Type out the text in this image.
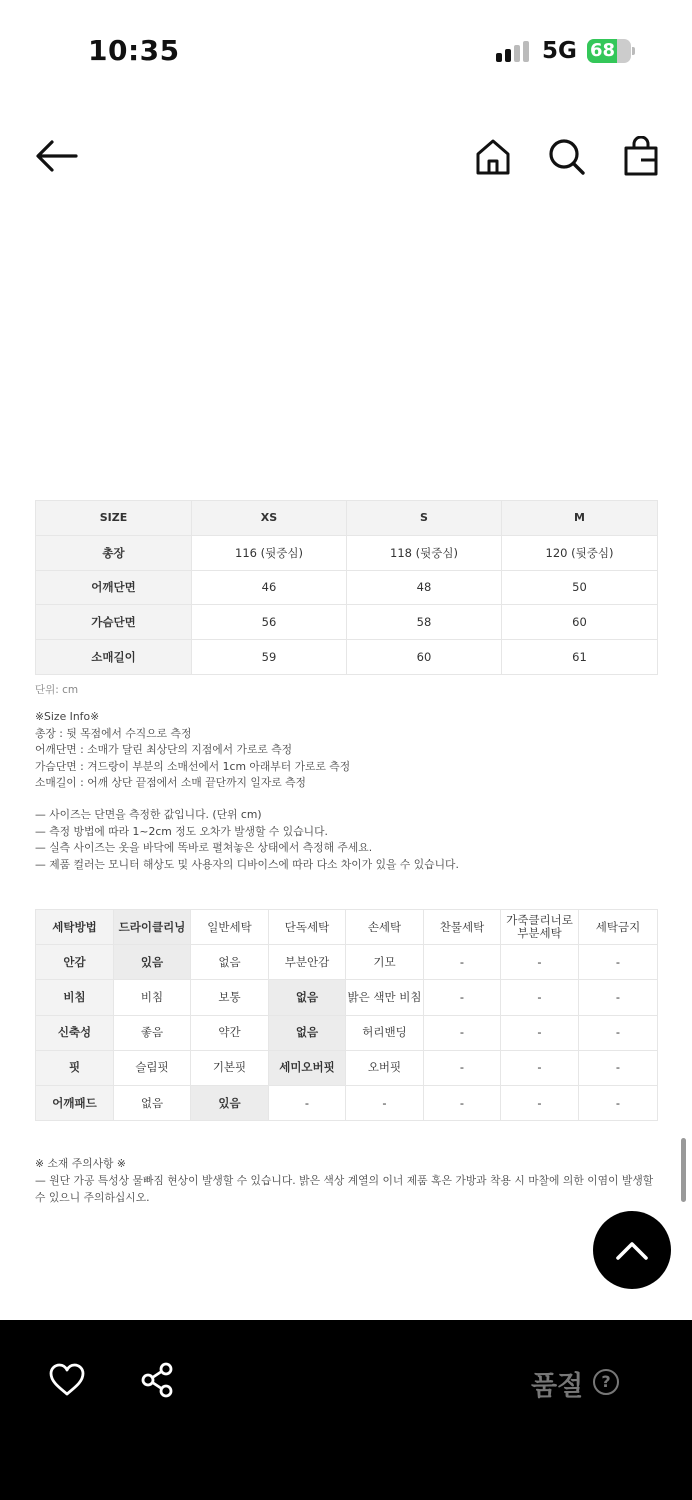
10:35	5G 68
SIZE	XS	S	M
총장	116 (뒷중심)	118 (뒷중심)	120 (뒷중심)
어깨단면	46	48	50
가슴단면	56	58	60
소매길이	59	60	61
단위: cm
※Size Info※
총장 : 뒷 목점에서 수직으로 측정
어깨단면 : 소매가 달린 최상단의 지점에서 가로로 측정
가슴단면 : 겨드랑이 부분의 소매선에서 1cm 아래부터 가로로 측정
소매길이 : 어깨 상단 끝점에서 소매 끝단까지 일자로 측정
— 사이즈는 단면을 측정한 값입니다. (단위 cm)
— 측정 방법에 따라 1~2cm 정도 오차가 발생할 수 있습니다.
— 실측 사이즈는 옷을 바닥에 똑바로 펼쳐놓은 상태에서 측정해 주세요.
— 제품 컬러는 모니터 해상도 및 사용자의 디바이스에 따라 다소 차이가 있을 수 있습니다.
세탁방법	드라이클리닝	일반세탁	단독세탁	손세탁	찬물세탁	가죽클리너로 부분세탁	세탁금지
안감	있음	없음	부분안감	기모	-	-	-
비침	비침	보통	없음	밝은 색만 비침	-	-	-
신축성	좋음	약간	없음	허리밴딩	-	-	-
핏	슬림핏	기본핏	세미오버핏	오버핏	-	-	-
어깨패드	없음	있음	-	-	-	-	-
※ 소재 주의사항 ※
— 원단 가공 특성상 물빠짐 현상이 발생할 수 있습니다. 밝은 색상 계열의 이너 제품 혹은 가방과 착용 시 마찰에 의한 이염이 발생할 수 있으니 주의하십시오.
품절	?
